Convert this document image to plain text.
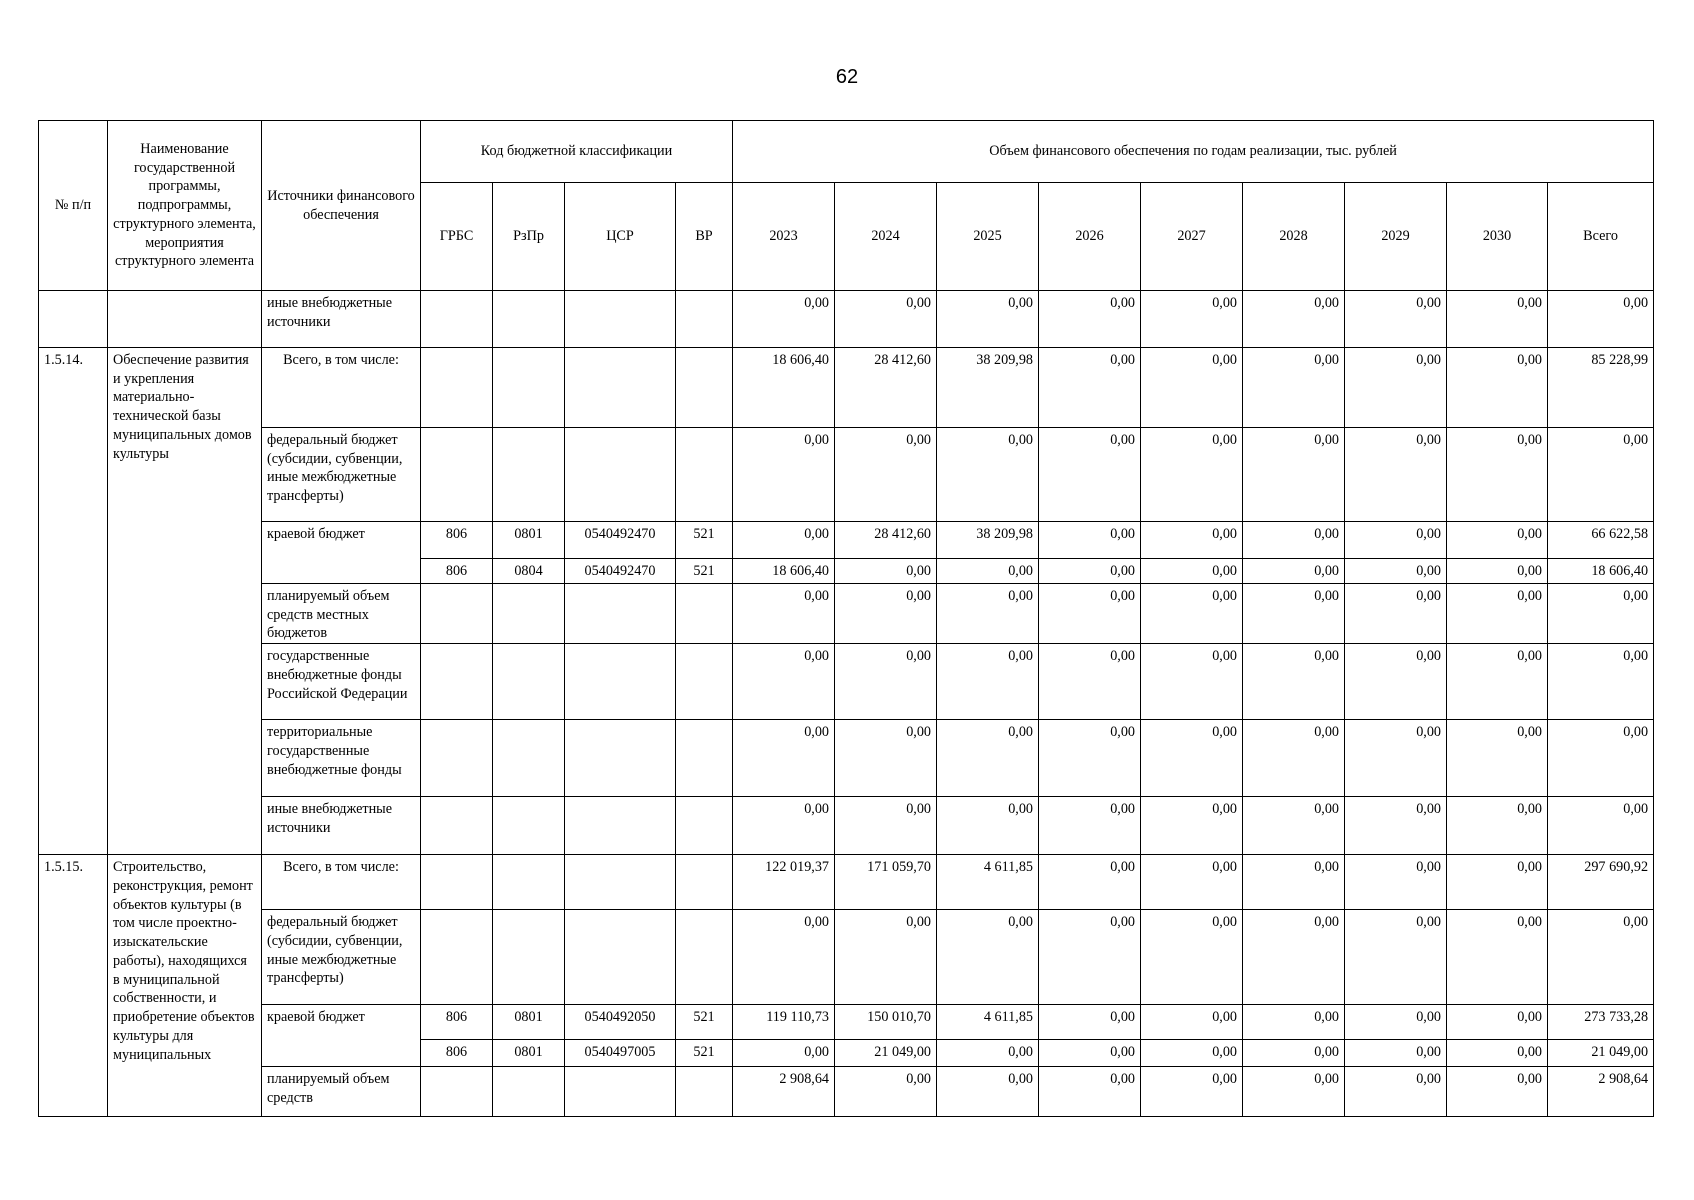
62
№ п/п	Наименование государственной программы, подпрограммы, структурного элемента, мероприятия структурного элемента	Источники финансового обеспечения	Код бюджетной классификации				Объем финансового обеспечения по годам реализации, тыс. рублей								
			ГРБС	РзПр	ЦСР	ВР	2023	2024	2025	2026	2027	2028	2029	2030	Всего
		иные внебюджетные источники					0,00	0,00	0,00	0,00	0,00	0,00	0,00	0,00	0,00
1.5.14.	Обеспечение развития и укрепления материально-технической базы муниципальных домов культуры	Всего, в том числе:					18 606,40	28 412,60	38 209,98	0,00	0,00	0,00	0,00	0,00	85 228,99
		федеральный бюджет (субсидии, субвенции, иные межбюджетные трансферты)					0,00	0,00	0,00	0,00	0,00	0,00	0,00	0,00	0,00
		краевой бюджет	806	0801	0540492470	521	0,00	28 412,60	38 209,98	0,00	0,00	0,00	0,00	0,00	66 622,58
			806	0804	0540492470	521	18 606,40	0,00	0,00	0,00	0,00	0,00	0,00	0,00	18 606,40
		планируемый объем средств местных бюджетов					0,00	0,00	0,00	0,00	0,00	0,00	0,00	0,00	0,00
		государственные внебюджетные фонды Российской Федерации					0,00	0,00	0,00	0,00	0,00	0,00	0,00	0,00	0,00
		территориальные государственные внебюджетные фонды					0,00	0,00	0,00	0,00	0,00	0,00	0,00	0,00	0,00
		иные внебюджетные источники					0,00	0,00	0,00	0,00	0,00	0,00	0,00	0,00	0,00
1.5.15.	Строительство, реконструкция, ремонт объектов культуры (в том числе проектно-изыскательские работы), находящихся в муниципальной собственности, и приобретение объектов культуры для муниципальных	Всего, в том числе:					122 019,37	171 059,70	4 611,85	0,00	0,00	0,00	0,00	0,00	297 690,92
		федеральный бюджет (субсидии, субвенции, иные межбюджетные трансферты)					0,00	0,00	0,00	0,00	0,00	0,00	0,00	0,00	0,00
		краевой бюджет	806	0801	0540492050	521	119 110,73	150 010,70	4 611,85	0,00	0,00	0,00	0,00	0,00	273 733,28
			806	0801	0540497005	521	0,00	21 049,00	0,00	0,00	0,00	0,00	0,00	0,00	21 049,00
		планируемый объем средств					2 908,64	0,00	0,00	0,00	0,00	0,00	0,00	0,00	2 908,64
